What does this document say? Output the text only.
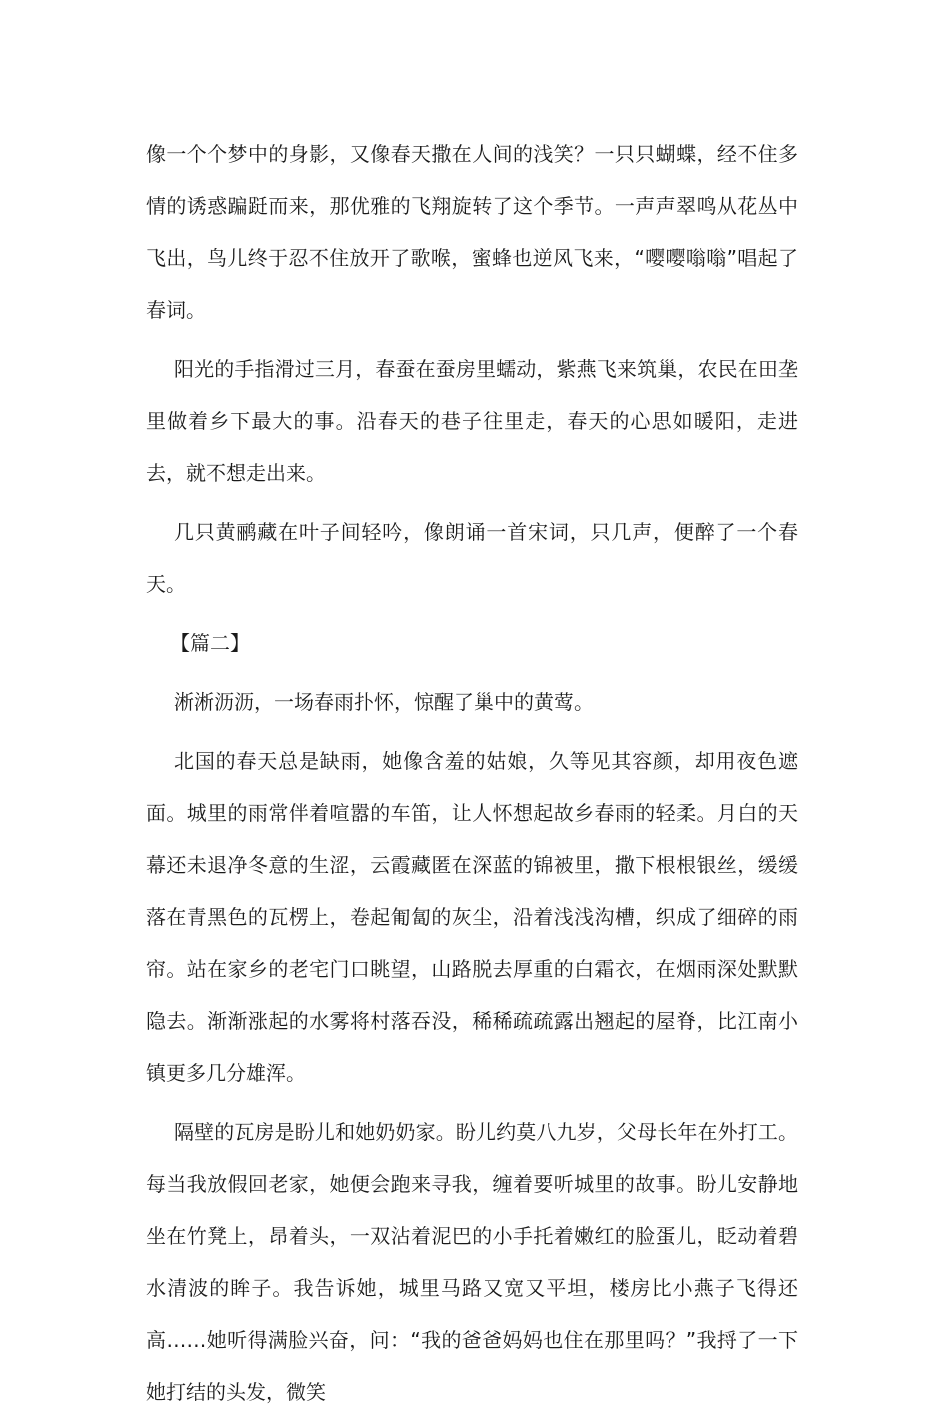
像一个个梦中的身影，又像春天撒在人间的浅笑？一只只蝴蝶，经不住多情的诱惑蹁跹而来，那优雅的飞翔旋转了这个季节。一声声翠鸣从花丛中飞出，鸟儿终于忍不住放开了歌喉，蜜蜂也逆风飞来，“嘤嘤嗡嗡”唱起了春词。

阳光的手指滑过三月，春蚕在蚕房里蠕动，紫燕飞来筑巢，农民在田垄里做着乡下最大的事。沿春天的巷子往里走，春天的心思如暖阳，走进去，就不想走出来。

几只黄鹂藏在叶子间轻吟，像朗诵一首宋词，只几声，便醉了一个春天。

【篇二】

淅淅沥沥，一场春雨扑怀，惊醒了巢中的黄莺。

北国的春天总是缺雨，她像含羞的姑娘，久等见其容颜，却用夜色遮面。城里的雨常伴着喧嚣的车笛，让人怀想起故乡春雨的轻柔。月白的天幕还未退净冬意的生涩，云霞藏匿在深蓝的锦被里，撒下根根银丝，缓缓落在青黑色的瓦楞上，卷起匍匐的灰尘，沿着浅浅沟槽，织成了细碎的雨帘。站在家乡的老宅门口眺望，山路脱去厚重的白霜衣，在烟雨深处默默隐去。渐渐涨起的水雾将村落吞没，稀稀疏疏露出翘起的屋脊，比江南小镇更多几分雄浑。

隔壁的瓦房是盼儿和她奶奶家。盼儿约莫八九岁，父母长年在外打工。每当我放假回老家，她便会跑来寻我，缠着要听城里的故事。盼儿安静地坐在竹凳上，昂着头，一双沾着泥巴的小手托着嫩红的脸蛋儿，眨动着碧水清波的眸子。我告诉她，城里马路又宽又平坦，楼房比小燕子飞得还高……她听得满脸兴奋，问：“我的爸爸妈妈也住在那里吗？”我捋了一下她打结的头发，微笑
